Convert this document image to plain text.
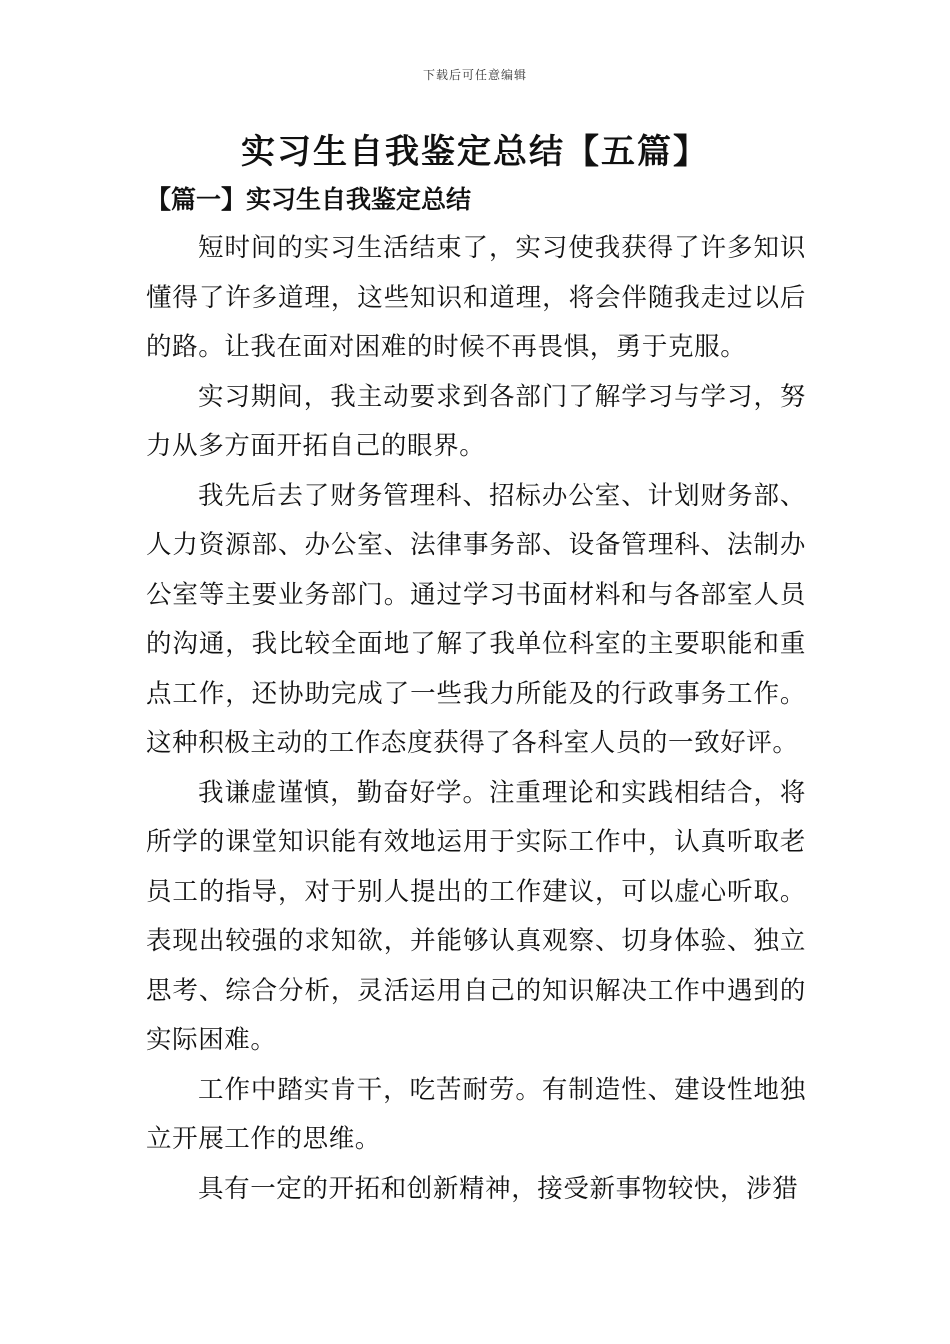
下载后可任意编辑
实习生自我鉴定总结【五篇】
【篇一】实习生自我鉴定总结

短时间的实习生活结束了，实习使我获得了许多知识懂得了许多道理，这些知识和道理，将会伴随我走过以后的路。让我在面对困难的时候不再畏惧，勇于克服。

实习期间，我主动要求到各部门了解学习与学习，努力从多方面开拓自己的眼界。

我先后去了财务管理科、招标办公室、计划财务部、人力资源部、办公室、法律事务部、设备管理科、法制办公室等主要业务部门。通过学习书面材料和与各部室人员的沟通，我比较全面地了解了我单位科室的主要职能和重点工作，还协助完成了一些我力所能及的行政事务工作。这种积极主动的工作态度获得了各科室人员的一致好评。

我谦虚谨慎，勤奋好学。注重理论和实践相结合，将所学的课堂知识能有效地运用于实际工作中，认真听取老员工的指导，对于别人提出的工作建议，可以虚心听取。表现出较强的求知欲，并能够认真观察、切身体验、独立思考、综合分析，灵活运用自己的知识解决工作中遇到的实际困难。

工作中踏实肯干，吃苦耐劳。有制造性、建设性地独立开展工作的思维。

具有一定的开拓和创新精神，接受新事物较快，涉猎
